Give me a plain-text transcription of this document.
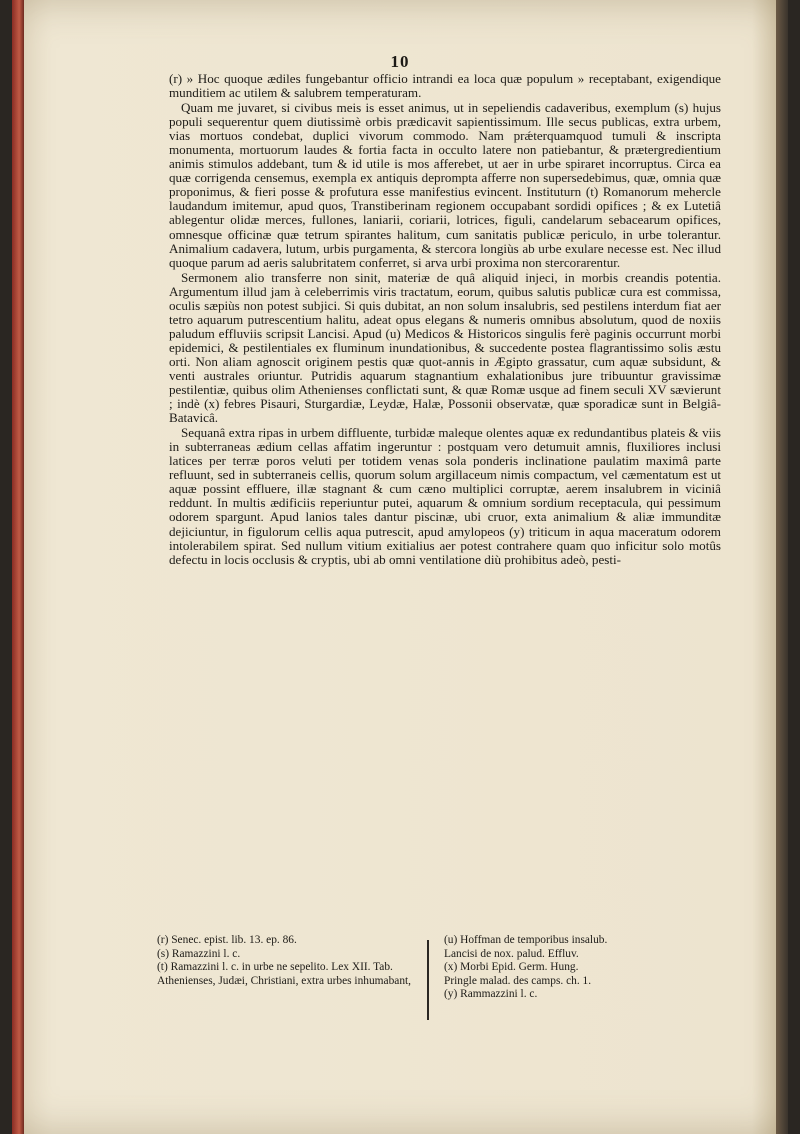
10

(r) » Hoc quoque ædiles fungebantur officio intrandi ea loca quæ populum » receptabant, exigendique munditiem ac utilem & salubrem temperaturam.

Quam me juvaret, si civibus meis is esset animus, ut in sepeliendis cadaveribus, exemplum (s) hujus populi sequerentur quem diutissimè orbis prædicavit sapientissimum. Ille secus publicas, extra urbem, vias mortuos condebat, duplici vivorum commodo. Nam prǽterquamquod tumuli & inscripta monumenta, mortuorum laudes & fortia facta in occulto latere non patiebantur, & prætergredientium animis stimulos addebant, tum & id utile is mos afferebet, ut aer in urbe spiraret incorruptus. Circa ea quæ corrigenda censemus, exempla ex antiquis deprompta afferre non supersedebimus, quæ, omnia quæ proponimus, & fieri posse & profutura esse manifestius evincent. Instituturn (t) Romanorum mehercle laudandum imitemur, apud quos, Transtiberinam regionem occupabant sordidi opifices ; & ex Lutetiâ ablegentur olidæ merces, fullones, laniarii, coriarii, lotrices, figuli, candelarum sebacearum opifices, omnesque officinæ quæ tetrum spirantes halitum, cum sanitatis publicæ periculo, in urbe tolerantur. Animalium cadavera, lutum, urbis purgamenta, & stercora longiùs ab urbe exulare necesse est. Nec illud quoque parum ad aeris salubritatem conferret, si arva urbi proxima non stercorarentur.

Sermonem alio transferre non sinit, materiæ de quâ aliquid injeci, in morbis creandis potentia. Argumentum illud jam à celeberrimis viris tractatum, eorum, quibus salutis publicæ cura est commissa, oculis sæpiùs non potest subjici. Si quis dubitat, an non solum insalubris, sed pestilens interdum fiat aer tetro aquarum putrescentium halitu, adeat opus elegans & numeris omnibus absolutum, quod de noxiis paludum effluviis scripsit Lancisi. Apud (u) Medicos & Historicos singulis ferè paginis occurrunt morbi epidemici, & pestilentiales ex fluminum inundationibus, & succedente postea flagrantissimo solis æstu orti. Non aliam agnoscit originem pestis quæ quot-annis in Ægipto grassatur, cum aquæ subsidunt, & venti australes oriuntur. Putridis aquarum stagnantium exhalationibus jure tribuuntur gravissimæ pestilentiæ, quibus olim Athenienses conflictati sunt, & quæ Romæ usque ad finem seculi XV sævierunt ; indè (x) febres Pisauri, Sturgardiæ, Leydæ, Halæ, Possonii observatæ, quæ sporadicæ sunt in Belgiâ-Batavicâ.

Sequanâ extra ripas in urbem diffluente, turbidæ maleque olentes aquæ ex redundantibus plateis & viis in subterraneas ædium cellas affatim ingeruntur : postquam vero detumuit amnis, fluxiliores inclusi latices per terræ poros veluti per totidem venas sola ponderis inclinatione paulatim maximâ parte refluunt, sed in subterraneis cellis, quorum solum argillaceum nimis compactum, vel cæmentatum est ut aquæ possint effluere, illæ stagnant & cum cæno multiplici corruptæ, aerem insalubrem in viciniâ reddunt. In multis ædificiis reperiuntur putei, aquarum & omnium sordium receptacula, qui pessimum odorem spargunt. Apud lanios tales dantur piscinæ, ubi cruor, exta animalium & aliæ immunditæ dejiciuntur, in figulorum cellis aqua putrescit, apud amylopeos (y) triticum in aqua maceratum odorem intolerabilem spirat. Sed nullum vitium exitialius aer potest contrahere quam quo inficitur solo motûs defectu in locis occlusis & cryptis, ubi ab omni ventilatione diù prohibitus adeò, pesti-

(r) Senec. epist. lib. 13. ep. 86.

(s) Ramazzini l. c.

(t) Ramazzini l. c. in urbe ne sepelito. Lex XII. Tab. Athenienses, Judæi, Christiani, extra urbes inhumabant,

(u) Hoffman de temporibus insalub.

Lancisi de nox. palud. Effluv.

(x) Morbi Epid. Germ. Hung.

Pringle malad. des camps. ch. 1.

(y) Rammazzini l. c.
